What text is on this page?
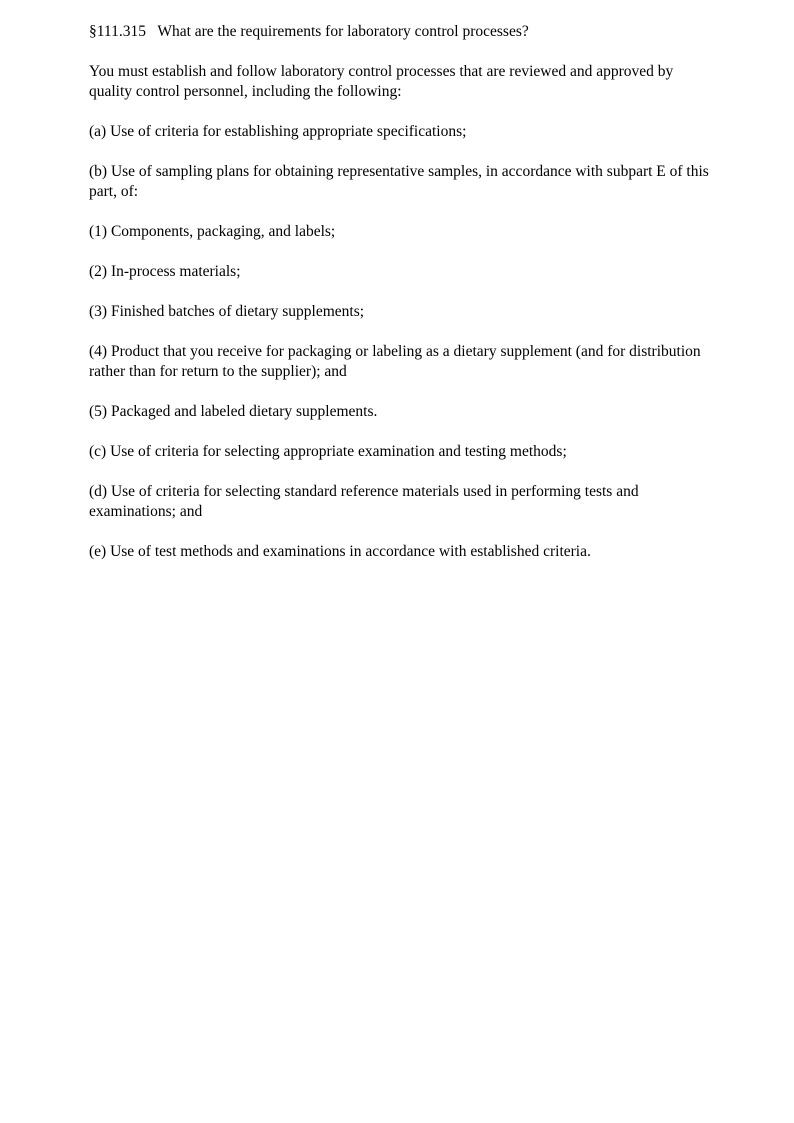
§111.315   What are the requirements for laboratory control processes?

You must establish and follow laboratory control processes that are reviewed and approved by quality control personnel, including the following:

(a) Use of criteria for establishing appropriate specifications;

(b) Use of sampling plans for obtaining representative samples, in accordance with subpart E of this part, of:

(1) Components, packaging, and labels;

(2) In-process materials;

(3) Finished batches of dietary supplements;

(4) Product that you receive for packaging or labeling as a dietary supplement (and for distribution rather than for return to the supplier); and

(5) Packaged and labeled dietary supplements.

(c) Use of criteria for selecting appropriate examination and testing methods;

(d) Use of criteria for selecting standard reference materials used in performing tests and examinations; and

(e) Use of test methods and examinations in accordance with established criteria.
